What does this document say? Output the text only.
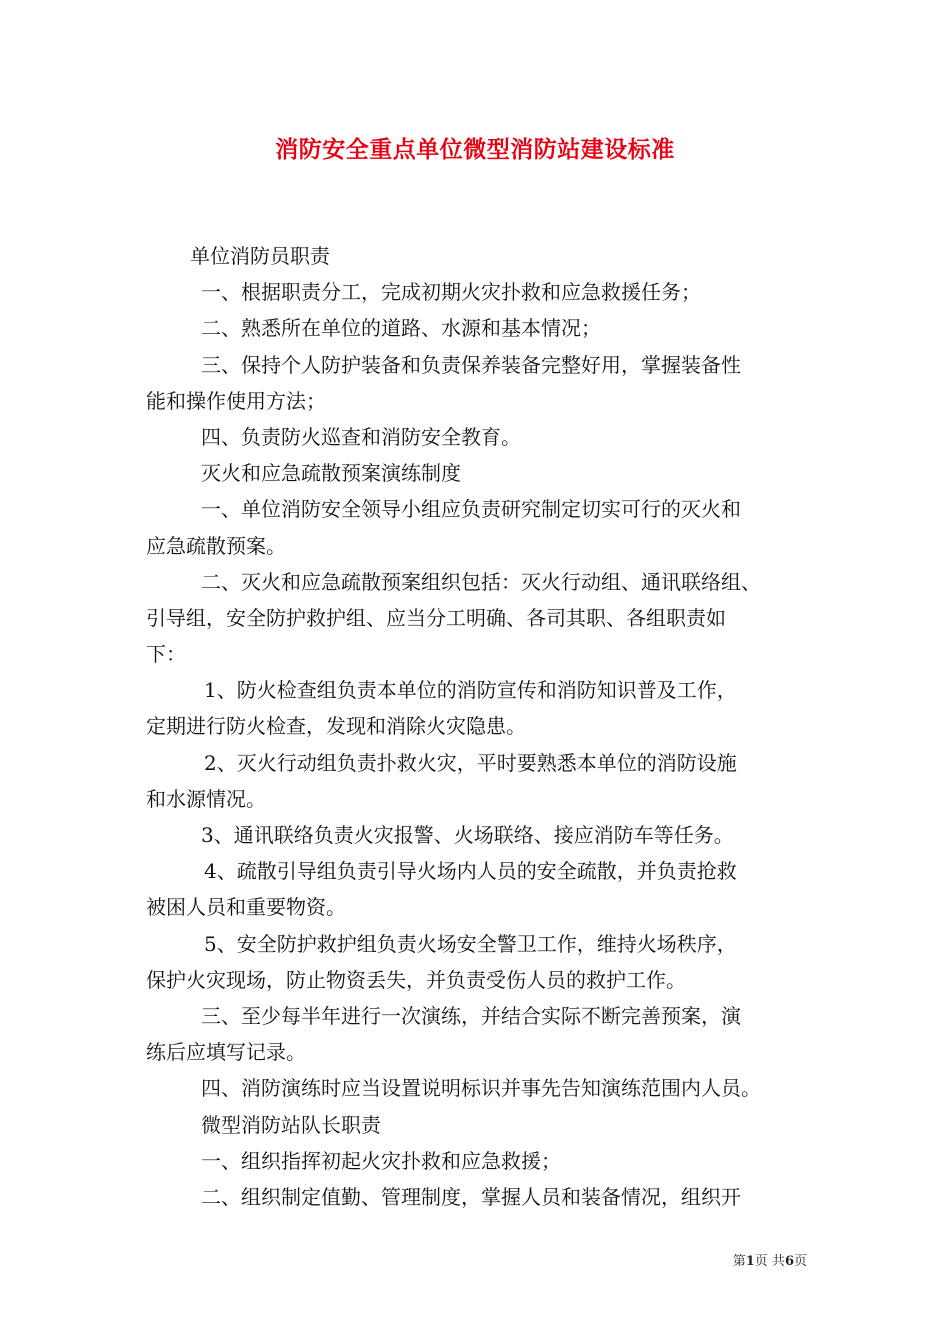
消防安全重点单位微型消防站建设标准
单位消防员职责
一、根据职责分工，完成初期火灾扑救和应急救援任务；
二、熟悉所在单位的道路、水源和基本情况；
三、保持个人防护装备和负责保养装备完整好用，掌握装备性
能和操作使用方法；
四、负责防火巡查和消防安全教育。
灭火和应急疏散预案演练制度
一、单位消防安全领导小组应负责研究制定切实可行的灭火和
应急疏散预案。
二、灭火和应急疏散预案组织包括：灭火行动组、通讯联络组、
引导组，安全防护救护组、应当分工明确、各司其职、各组职责如
下：
1、防火检查组负责本单位的消防宣传和消防知识普及工作，
定期进行防火检查，发现和消除火灾隐患。
2、灭火行动组负责扑救火灾，平时要熟悉本单位的消防设施
和水源情况。
3、通讯联络负责火灾报警、火场联络、接应消防车等任务。
4、疏散引导组负责引导火场内人员的安全疏散，并负责抢救
被困人员和重要物资。
5、安全防护救护组负责火场安全警卫工作，维持火场秩序，
保护火灾现场，防止物资丢失，并负责受伤人员的救护工作。
三、至少每半年进行一次演练，并结合实际不断完善预案，演
练后应填写记录。
四、消防演练时应当设置说明标识并事先告知演练范围内人员。
微型消防站队长职责
一、组织指挥初起火灾扑救和应急救援；
二、组织制定值勤、管理制度，掌握人员和装备情况，组织开
第1页 共6页
